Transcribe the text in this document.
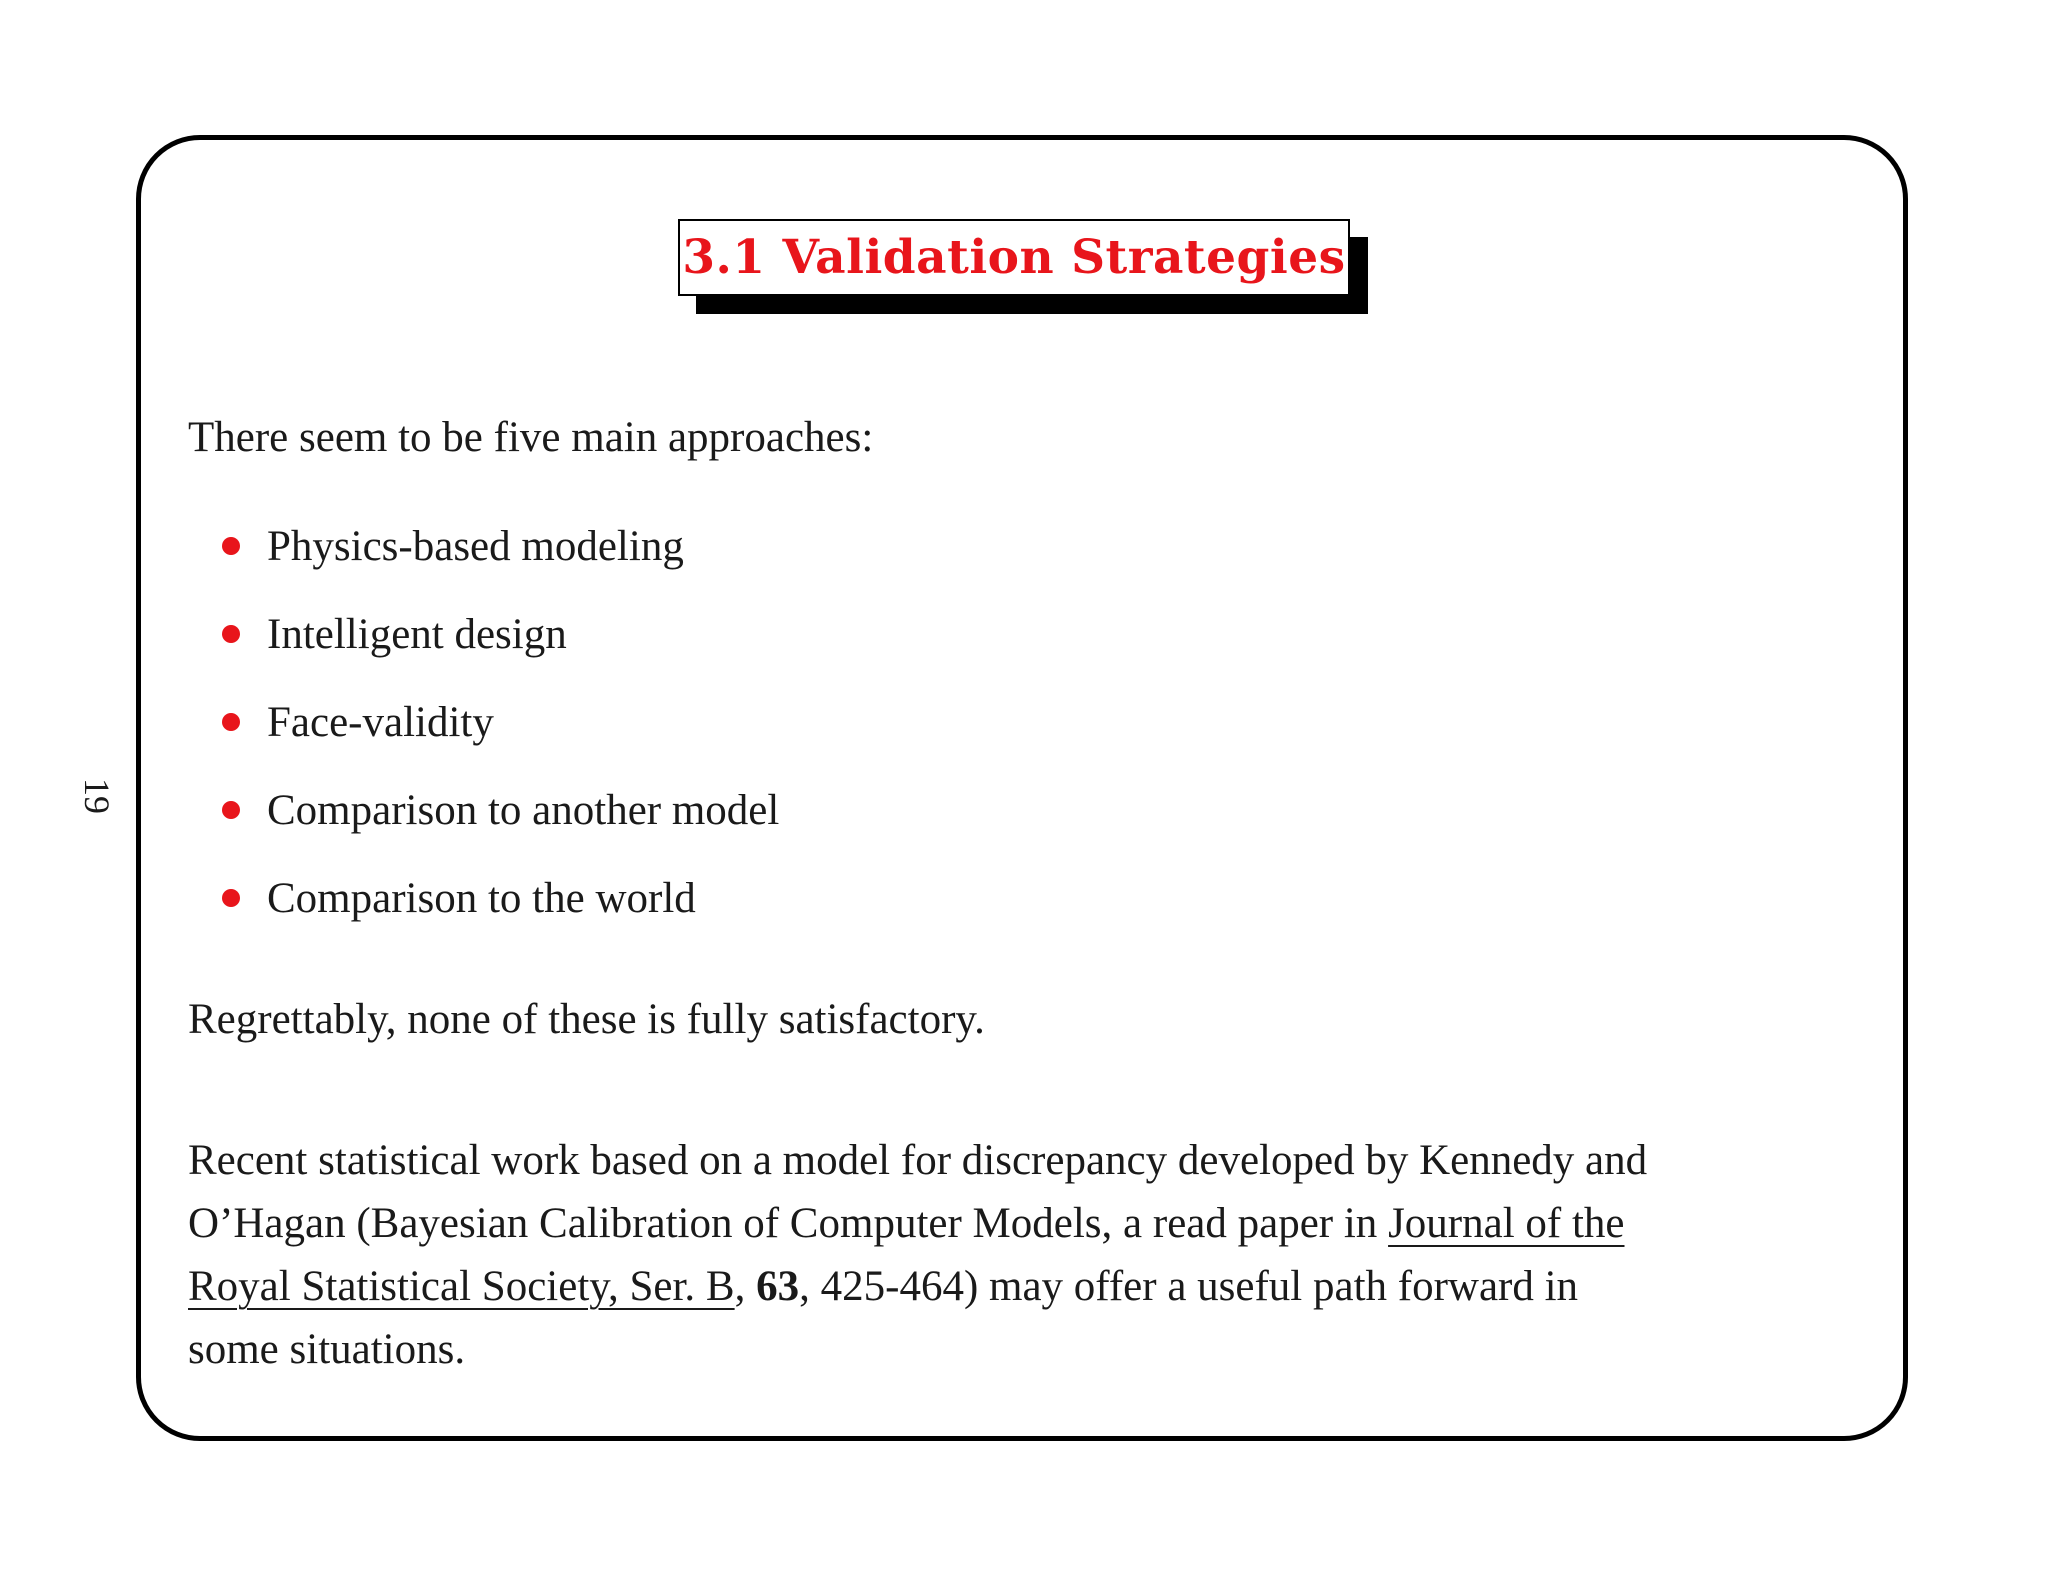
19
3.1 Validation Strategies
There seem to be five main approaches:
Physics-based modeling
Intelligent design
Face-validity
Comparison to another model
Comparison to the world
Regrettably, none of these is fully satisfactory.
Recent statistical work based on a model for discrepancy developed by Kennedy and
O’Hagan (Bayesian Calibration of Computer Models, a read paper in Journal of the
Royal Statistical Society, Ser. B, 63, 425-464) may offer a useful path forward in
some situations.
